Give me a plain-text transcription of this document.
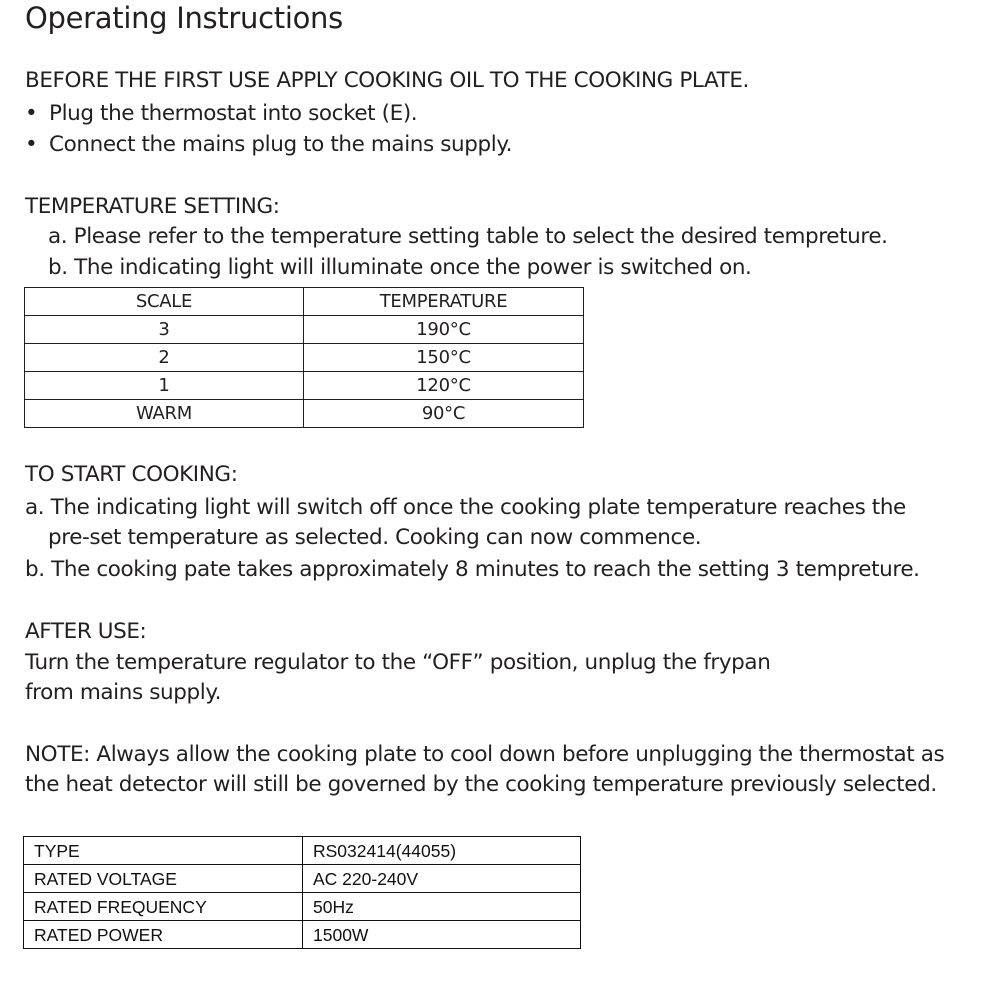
Operating Instructions
BEFORE THE FIRST USE APPLY COOKING OIL TO THE COOKING PLATE.
• Plug the thermostat into socket (E).
• Connect the mains plug to the mains supply.
TEMPERATURE SETTING:
a. Please refer to the temperature setting table to select the desired tempreture.
b. The indicating light will illuminate once the power is switched on.
SCALE	TEMPERATURE
3	190°C
2	150°C
1	120°C
WARM	90°C
TO START COOKING:
a. The indicating light will switch off once the cooking plate temperature reaches the
pre-set temperature as selected. Cooking can now commence.
b. The cooking pate takes approximately 8 minutes to reach the setting 3 tempreture.
AFTER USE:
Turn the temperature regulator to the “OFF” position, unplug the frypan
from mains supply.
NOTE: Always allow the cooking plate to cool down before unplugging the thermostat as
the heat detector will still be governed by the cooking temperature previously selected.
TYPE	RS032414(44055)
RATED VOLTAGE	AC 220-240V
RATED FREQUENCY	50Hz
RATED POWER	1500W
